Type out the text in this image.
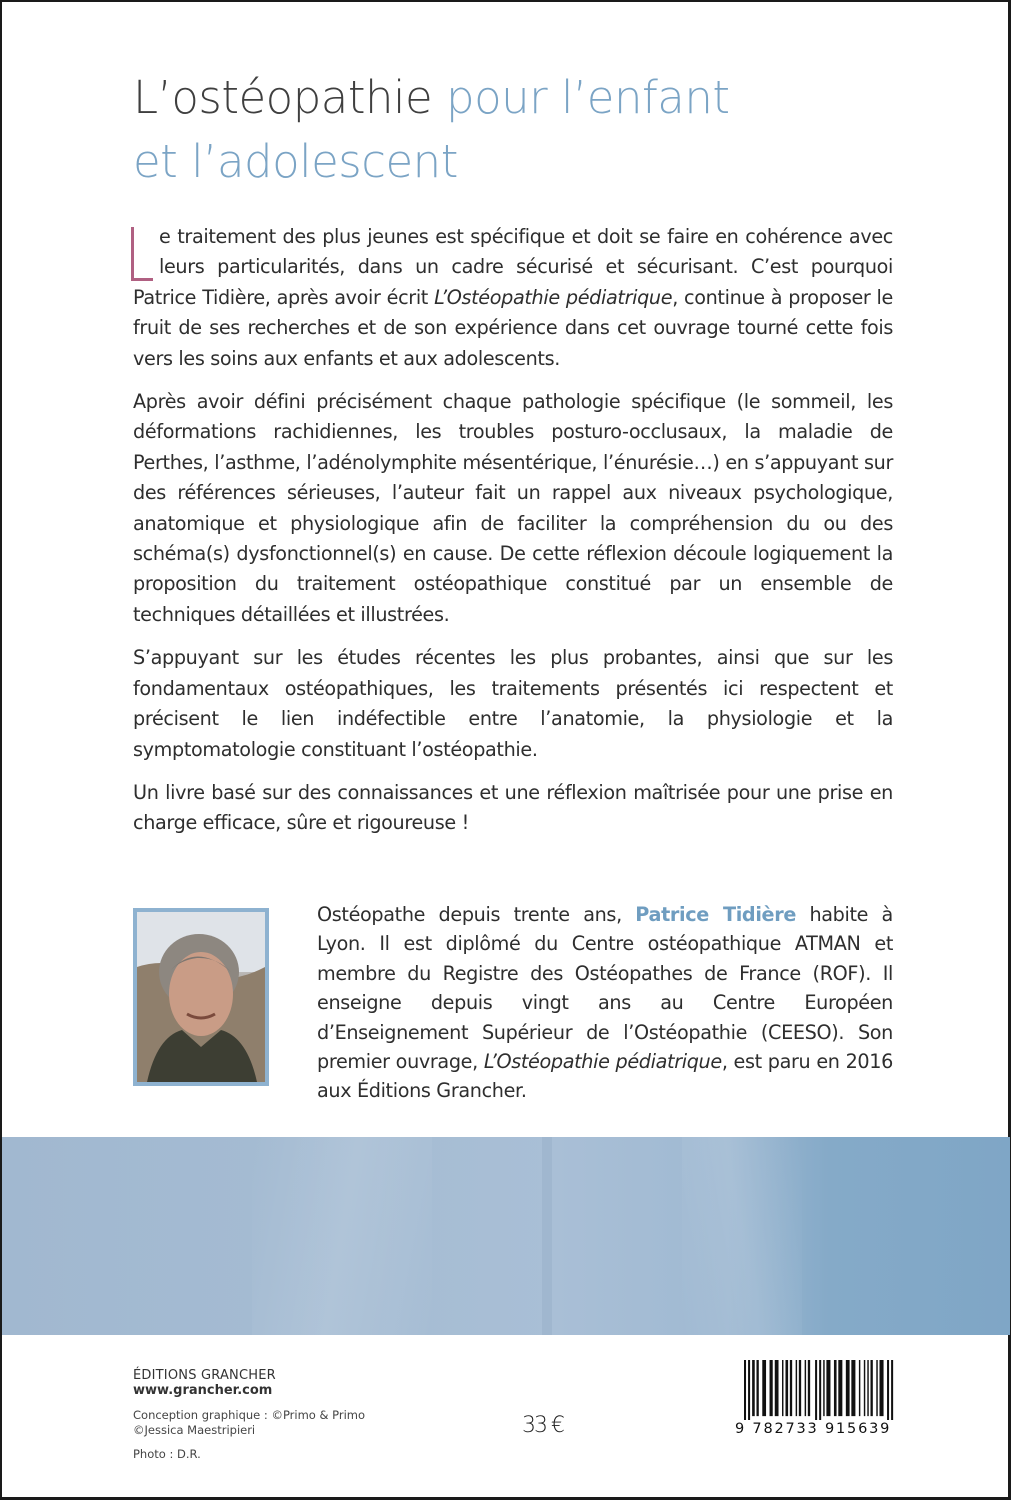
L’ostéopathie pour l’enfant
et l’adolescent

e traitement des plus jeunes est spécifique et doit se faire en cohérence avec leurs particularités, dans un cadre sécurisé et sécurisant. C’est pourquoi Patrice Tidière, après avoir écrit L’Ostéopathie pédiatrique, continue à proposer le fruit de ses recherches et de son expérience dans cet ouvrage tourné cette fois vers les soins aux enfants et aux adolescents.

Après avoir défini précisément chaque pathologie spécifique (le sommeil, les déformations rachidiennes, les troubles posturo-occlusaux, la maladie de Perthes, l’asthme, l’adénolymphite mésentérique, l’énurésie…) en s’appuyant sur des références sérieuses, l’auteur fait un rappel aux niveaux psychologique, anatomique et physiologique afin de faciliter la compréhension du ou des schéma(s) dysfonctionnel(s) en cause. De cette réflexion découle logiquement la proposition du traitement ostéopathique constitué par un ensemble de techniques détaillées et illustrées.

S’appuyant sur les études récentes les plus probantes, ainsi que sur les fondamentaux ostéopathiques, les traitements présentés ici respectent et précisent le lien indéfectible entre l’anatomie, la physiologie et la symptomatologie constituant l’ostéopathie.

Un livre basé sur des connaissances et une réflexion maîtrisée pour une prise en charge efficace, sûre et rigoureuse !

Ostéopathe depuis trente ans, Patrice Tidière habite à Lyon. Il est diplômé du Centre ostéopathique ATMAN et membre du Registre des Ostéopathes de France (ROF). Il enseigne depuis vingt ans au Centre Européen d’Enseignement Supérieur de l’Ostéopathie (CEESO). Son premier ouvrage, L’Ostéopathie pédiatrique, est paru en 2016 aux Éditions Grancher.

ÉDITIONS GRANCHER

www.grancher.com

Conception graphique : ©Primo & Primo
©Jessica Maestripieri

Photo : D.R.

33 €	9 782733 915639
